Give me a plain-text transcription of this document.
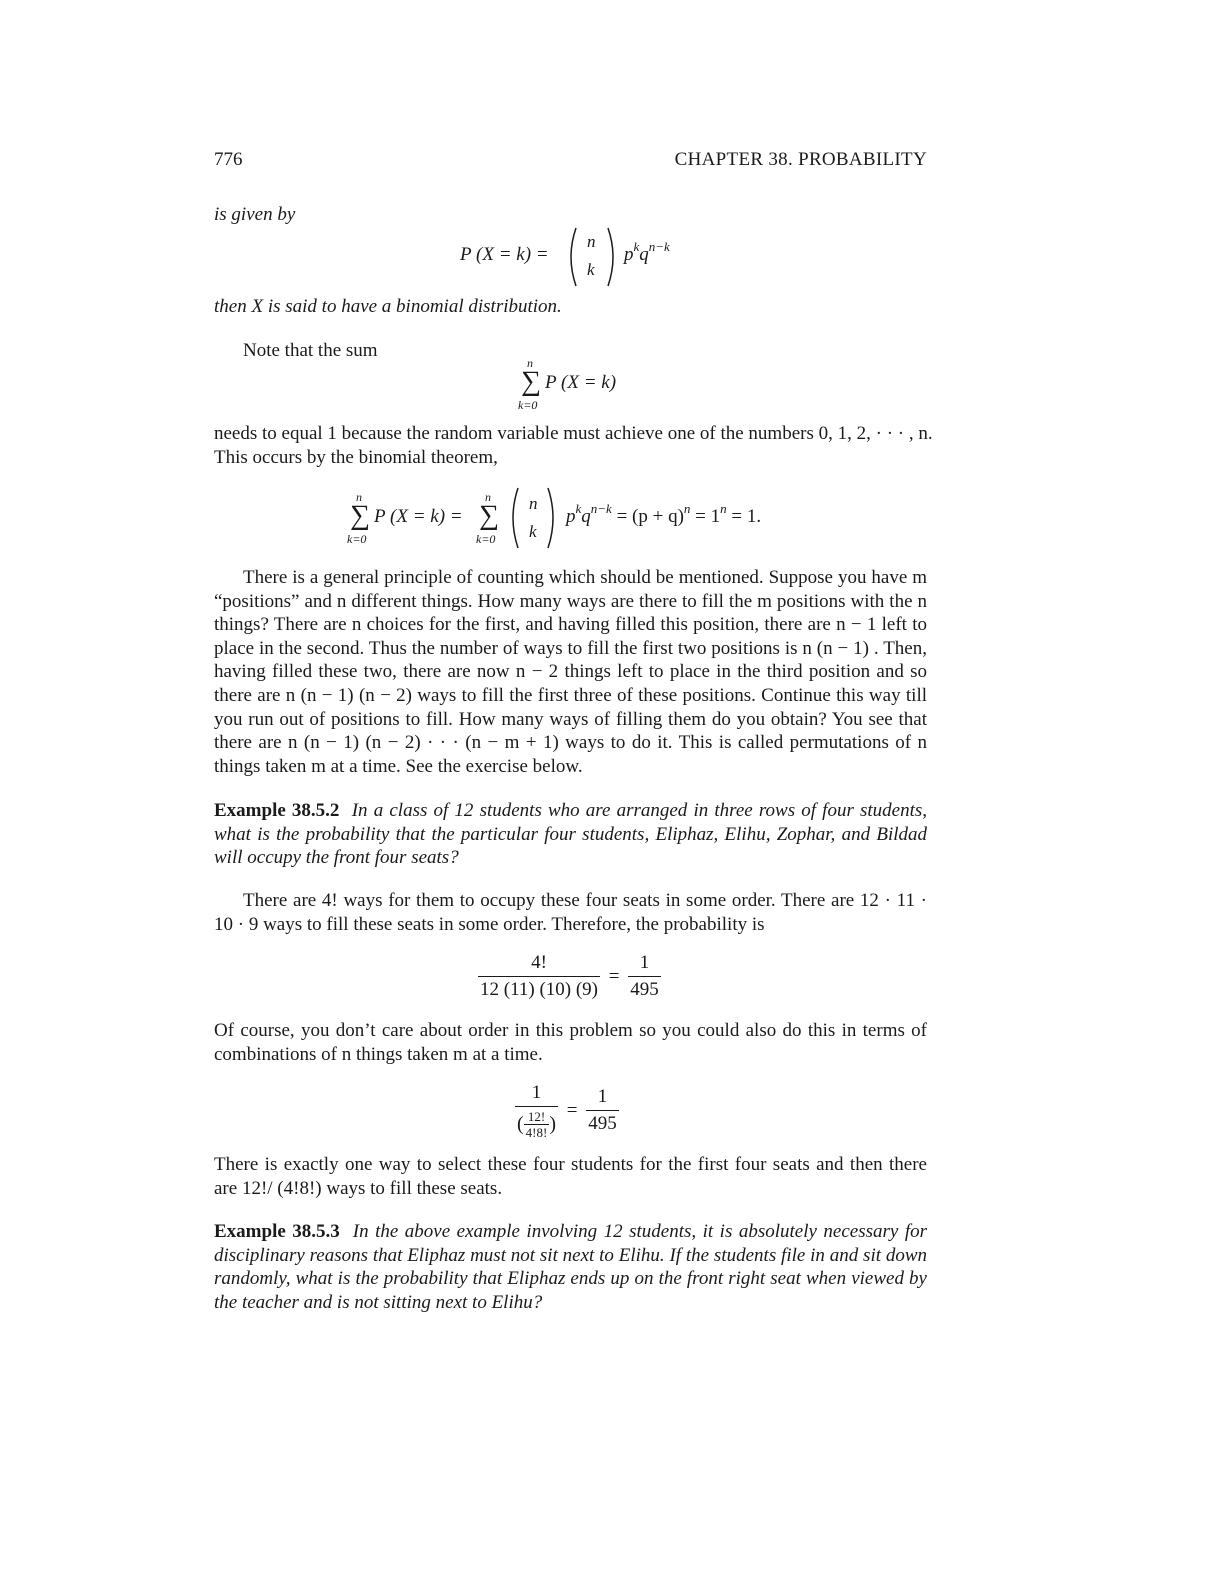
776	CHAPTER 38. PROBABILITY
is given by
P (X = k) =
n
k
$p^kq^{n-k}$
then X is said to have a binomial distribution.
Note that the sum
n
∑
k=0
P (X = k)
needs to equal 1 because the random variable must achieve one of the numbers 0, 1, 2, · · · , n.
This occurs by the binomial theorem,
n
∑
k=0
P (X = k) =
n
∑
k=0
n
k
$p^kq^{n-k} = (p + q)^n = 1^n = 1$.

There is a general principle of counting which should be mentioned. Suppose you have m “positions” and n different things. How many ways are there to fill the m positions with the n things? There are n choices for the first, and having filled this position, there are n − 1 left to place in the second. Thus the number of ways to fill the first two positions is n (n − 1) . Then, having filled these two, there are now n − 2 things left to place in the third position and so there are n (n − 1) (n − 2) ways to fill the first three of these positions. Continue this way till you run out of positions to fill. How many ways of filling them do you obtain? You see that there are n (n − 1) (n − 2) · · · (n − m + 1) ways to do it. This is called permutations of n things taken m at a time. See the exercise below.

Example 38.5.2 In a class of 12 students who are arranged in three rows of four students, what is the probability that the particular four students, Eliphaz, Elihu, Zophar, and Bildad will occupy the front four seats?

There are 4! ways for them to occupy these four seats in some order. There are 12 · 11 · 10 · 9 ways to fill these seats in some order. Therefore, the probability is

$\frac{4!}{12 (11) (10) (9)} = \frac{1}{495}$

Of course, you don’t care about order in this problem so you could also do this in terms of combinations of n things taken m at a time.

$\frac{1}{( \frac{12!}{4!8!} )} = \frac{1}{495}$

There is exactly one way to select these four students for the first four seats and then there are 12!/ (4!8!) ways to fill these seats.

Example 38.5.3 In the above example involving 12 students, it is absolutely necessary for disciplinary reasons that Eliphaz must not sit next to Elihu. If the students file in and sit down randomly, what is the probability that Eliphaz ends up on the front right seat when viewed by the teacher and is not sitting next to Elihu?
